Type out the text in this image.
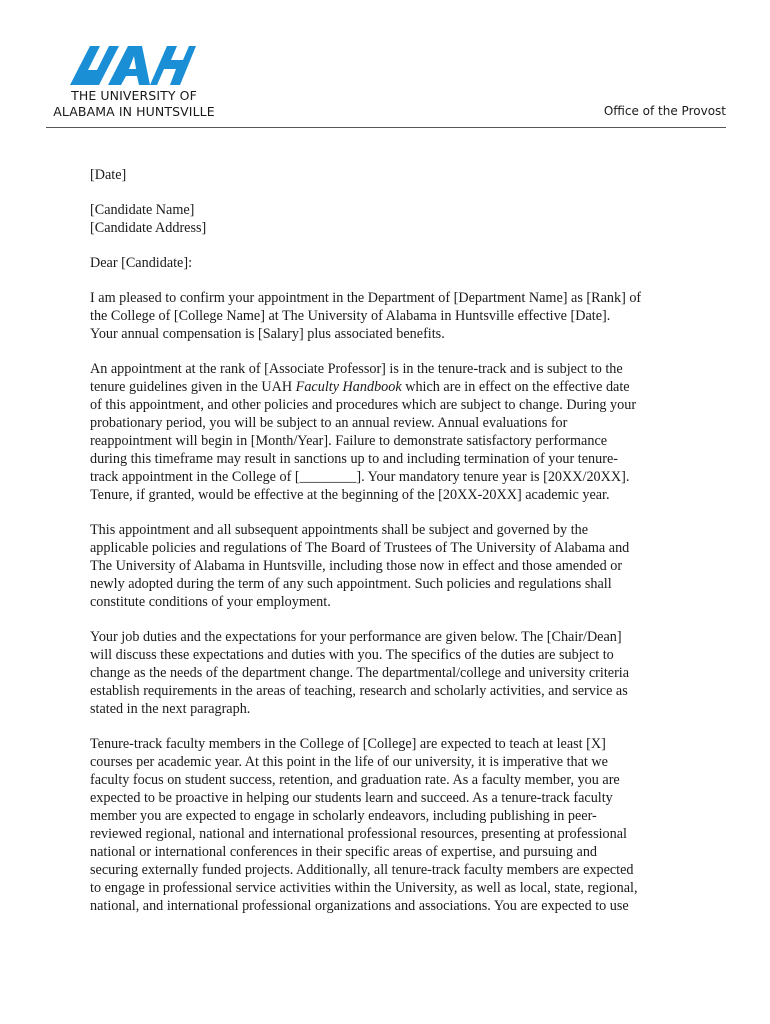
THE UNIVERSITY OF
ALABAMA IN HUNTSVILLE	Office of the Provost
[Date]
[Candidate Name]
[Candidate Address]
Dear [Candidate]:
I am pleased to confirm your appointment in the Department of [Department Name] as [Rank] of
the College of [College Name] at The University of Alabama in Huntsville effective [Date].
Your annual compensation is [Salary] plus associated benefits.
An appointment at the rank of [Associate Professor] is in the tenure-track and is subject to the
tenure guidelines given in the UAH Faculty Handbook which are in effect on the effective date
of this appointment, and other policies and procedures which are subject to change. During your
probationary period, you will be subject to an annual review. Annual evaluations for
reappointment will begin in [Month/Year]. Failure to demonstrate satisfactory performance
during this timeframe may result in sanctions up to and including termination of your tenure-
track appointment in the College of [________]. Your mandatory tenure year is [20XX/20XX].
Tenure, if granted, would be effective at the beginning of the [20XX-20XX] academic year.
This appointment and all subsequent appointments shall be subject and governed by the
applicable policies and regulations of The Board of Trustees of The University of Alabama and
The University of Alabama in Huntsville, including those now in effect and those amended or
newly adopted during the term of any such appointment. Such policies and regulations shall
constitute conditions of your employment.
Your job duties and the expectations for your performance are given below. The [Chair/Dean]
will discuss these expectations and duties with you. The specifics of the duties are subject to
change as the needs of the department change. The departmental/college and university criteria
establish requirements in the areas of teaching, research and scholarly activities, and service as
stated in the next paragraph.
Tenure-track faculty members in the College of [College] are expected to teach at least [X]
courses per academic year. At this point in the life of our university, it is imperative that we
faculty focus on student success, retention, and graduation rate. As a faculty member, you are
expected to be proactive in helping our students learn and succeed. As a tenure-track faculty
member you are expected to engage in scholarly endeavors, including publishing in peer-
reviewed regional, national and international professional resources, presenting at professional
national or international conferences in their specific areas of expertise, and pursuing and
securing externally funded projects. Additionally, all tenure-track faculty members are expected
to engage in professional service activities within the University, as well as local, state, regional,
national, and international professional organizations and associations. You are expected to use
